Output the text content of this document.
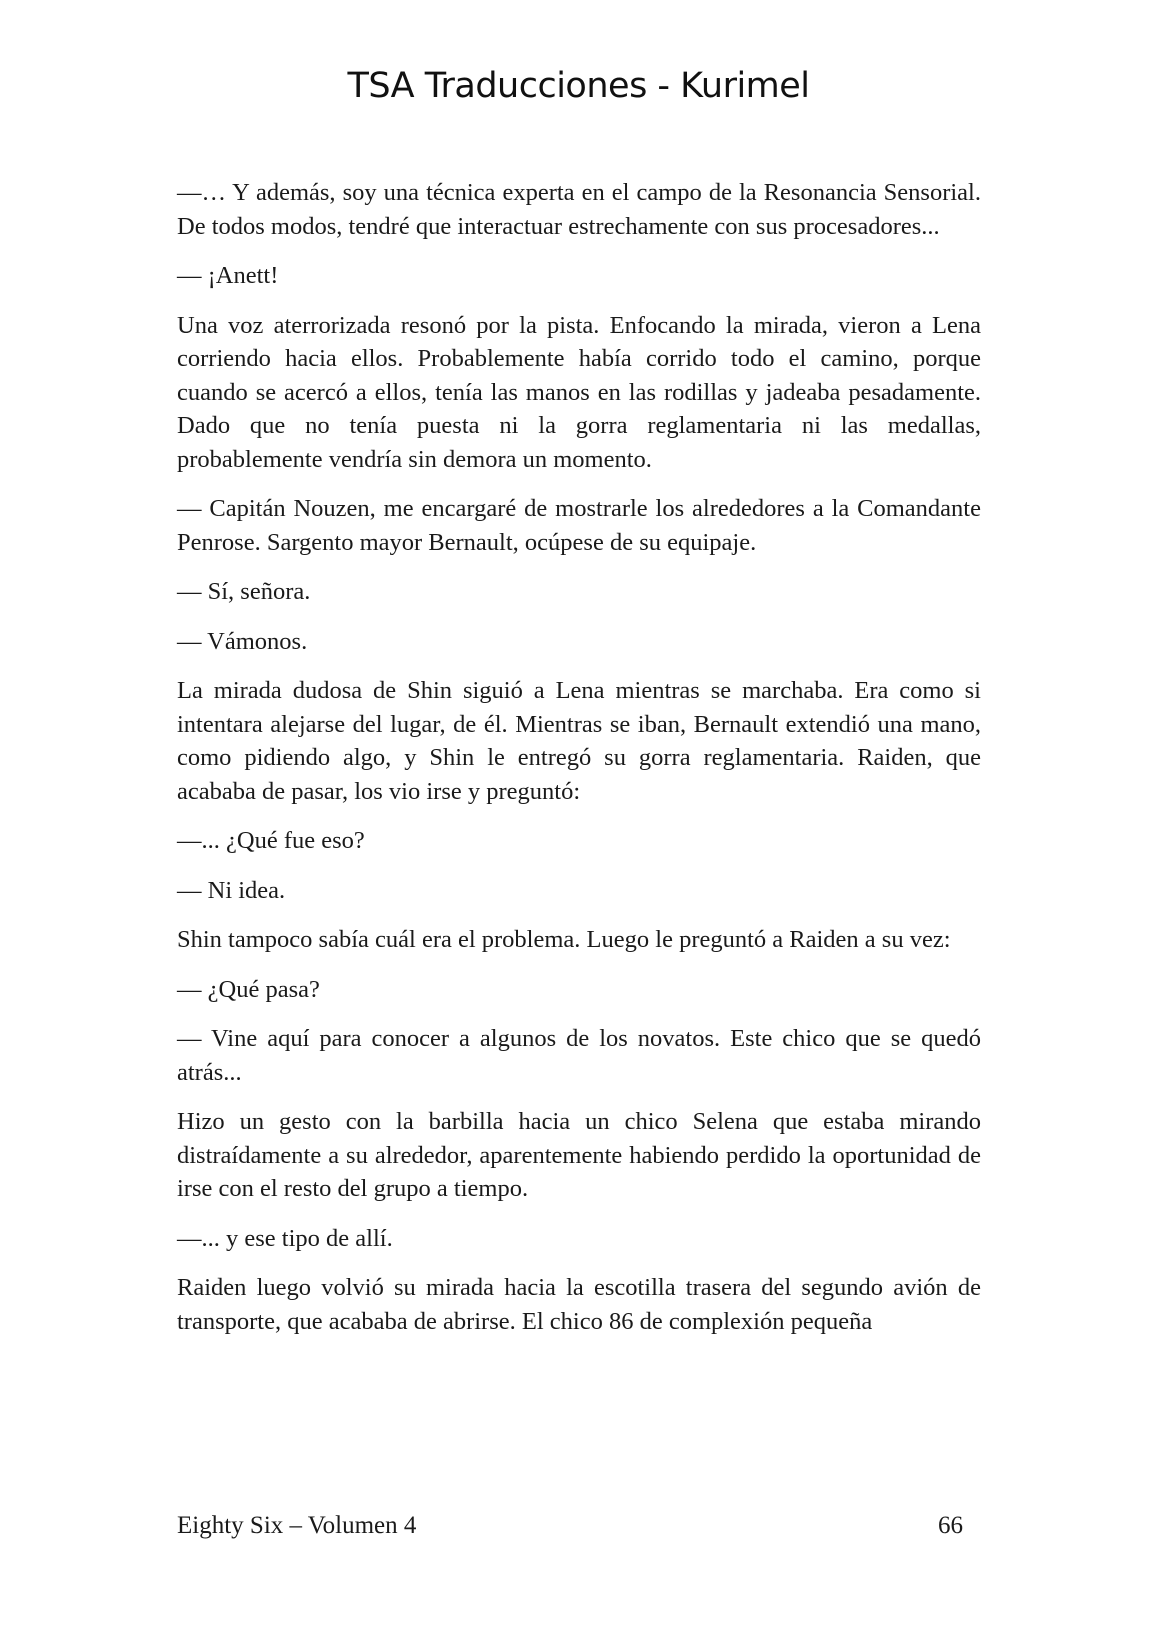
TSA Traducciones - Kurimel

—… Y además, soy una técnica experta en el campo de la Resonancia Sensorial. De todos modos, tendré que interactuar estrechamente con sus procesadores...

— ¡Anett!

Una voz aterrorizada resonó por la pista. Enfocando la mirada, vieron a Lena corriendo hacia ellos. Probablemente había corrido todo el camino, porque cuando se acercó a ellos, tenía las manos en las rodillas y jadeaba pesadamente. Dado que no tenía puesta ni la gorra reglamentaria ni las medallas, probablemente vendría sin demora un momento.

— Capitán Nouzen, me encargaré de mostrarle los alrededores a la Comandante Penrose. Sargento mayor Bernault, ocúpese de su equipaje.

— Sí, señora.

— Vámonos.

La mirada dudosa de Shin siguió a Lena mientras se marchaba. Era como si intentara alejarse del lugar, de él. Mientras se iban, Bernault extendió una mano, como pidiendo algo, y Shin le entregó su gorra reglamentaria. Raiden, que acababa de pasar, los vio irse y preguntó:

—... ¿Qué fue eso?

— Ni idea.

Shin tampoco sabía cuál era el problema. Luego le preguntó a Raiden a su vez:

— ¿Qué pasa?

— Vine aquí para conocer a algunos de los novatos. Este chico que se quedó atrás...

Hizo un gesto con la barbilla hacia un chico Selena que estaba mirando distraídamente a su alrededor, aparentemente habiendo perdido la oportunidad de irse con el resto del grupo a tiempo.

—... y ese tipo de allí.

Raiden luego volvió su mirada hacia la escotilla trasera del segundo avión de transporte, que acababa de abrirse. El chico 86 de complexión pequeña

Eighty Six – Volumen 4	66
